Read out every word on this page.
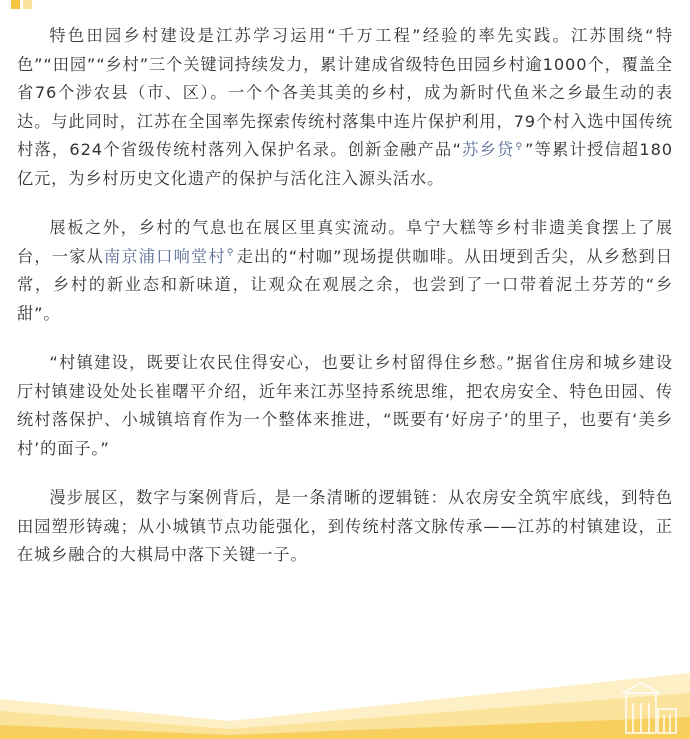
特色田园乡村建设是江苏学习运用“千万工程”经验的率先实践。江苏围绕“特色”“田园”“乡村”三个关键词持续发力，累计建成省级特色田园乡村逾1000个，覆盖全省76个涉农县（市、区）。一个个各美其美的乡村，成为新时代鱼米之乡最生动的表达。与此同时，江苏在全国率先探索传统村落集中连片保护利用，79个村入选中国传统村落，624个省级传统村落列入保护名录。创新金融产品“苏乡贷⚲ ”等累计授信超180亿元，为乡村历史文化遗产的保护与活化注入源头活水。

展板之外，乡村的气息也在展区里真实流动。阜宁大糕等乡村非遗美食摆上了展台，一家从南京浦口响堂村⚲ 走出的“村咖”现场提供咖啡。从田埂到舌尖，从乡愁到日常，乡村的新业态和新味道，让观众在观展之余，也尝到了一口带着泥土芬芳的“乡甜”。

“村镇建设，既要让农民住得安心，也要让乡村留得住乡愁。”据省住房和城乡建设厅村镇建设处处长崔曙平介绍，近年来江苏坚持系统思维，把农房安全、特色田园、传统村落保护、小城镇培育作为一个整体来推进，“既要有‘好房子’的里子，也要有‘美乡村’的面子。”

漫步展区，数字与案例背后，是一条清晰的逻辑链：从农房安全筑牢底线，到特色田园塑形铸魂；从小城镇节点功能强化，到传统村落文脉传承——江苏的村镇建设，正在城乡融合的大棋局中落下关键一子。
